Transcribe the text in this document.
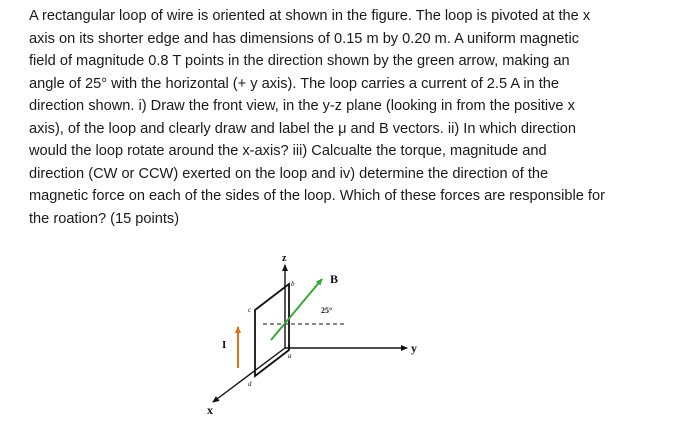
A rectangular loop of wire is oriented at shown in the figure. The loop is pivoted at the x
axis on its shorter edge and has dimensions of 0.15 m by 0.20 m. A uniform magnetic
field of magnitude 0.8 T points in the direction shown by the green arrow, making an
angle of 25° with the horizontal (+ y axis). The loop carries a current of 2.5 A in the
direction shown. i) Draw the front view, in the y-z plane (looking in from the positive x
axis), of the loop and clearly draw and label the μ and B vectors. ii) In which direction
would the loop rotate around the x-axis? iii) Calcualte the torque, magnitude and
direction (CW or CCW) exerted on the loop and iv) determine the direction of the
magnetic force on each of the sides of the loop. Which of these forces are responsible for
the roation? (15 points)
z
y
x
B
25°
I
b
c
a
d
